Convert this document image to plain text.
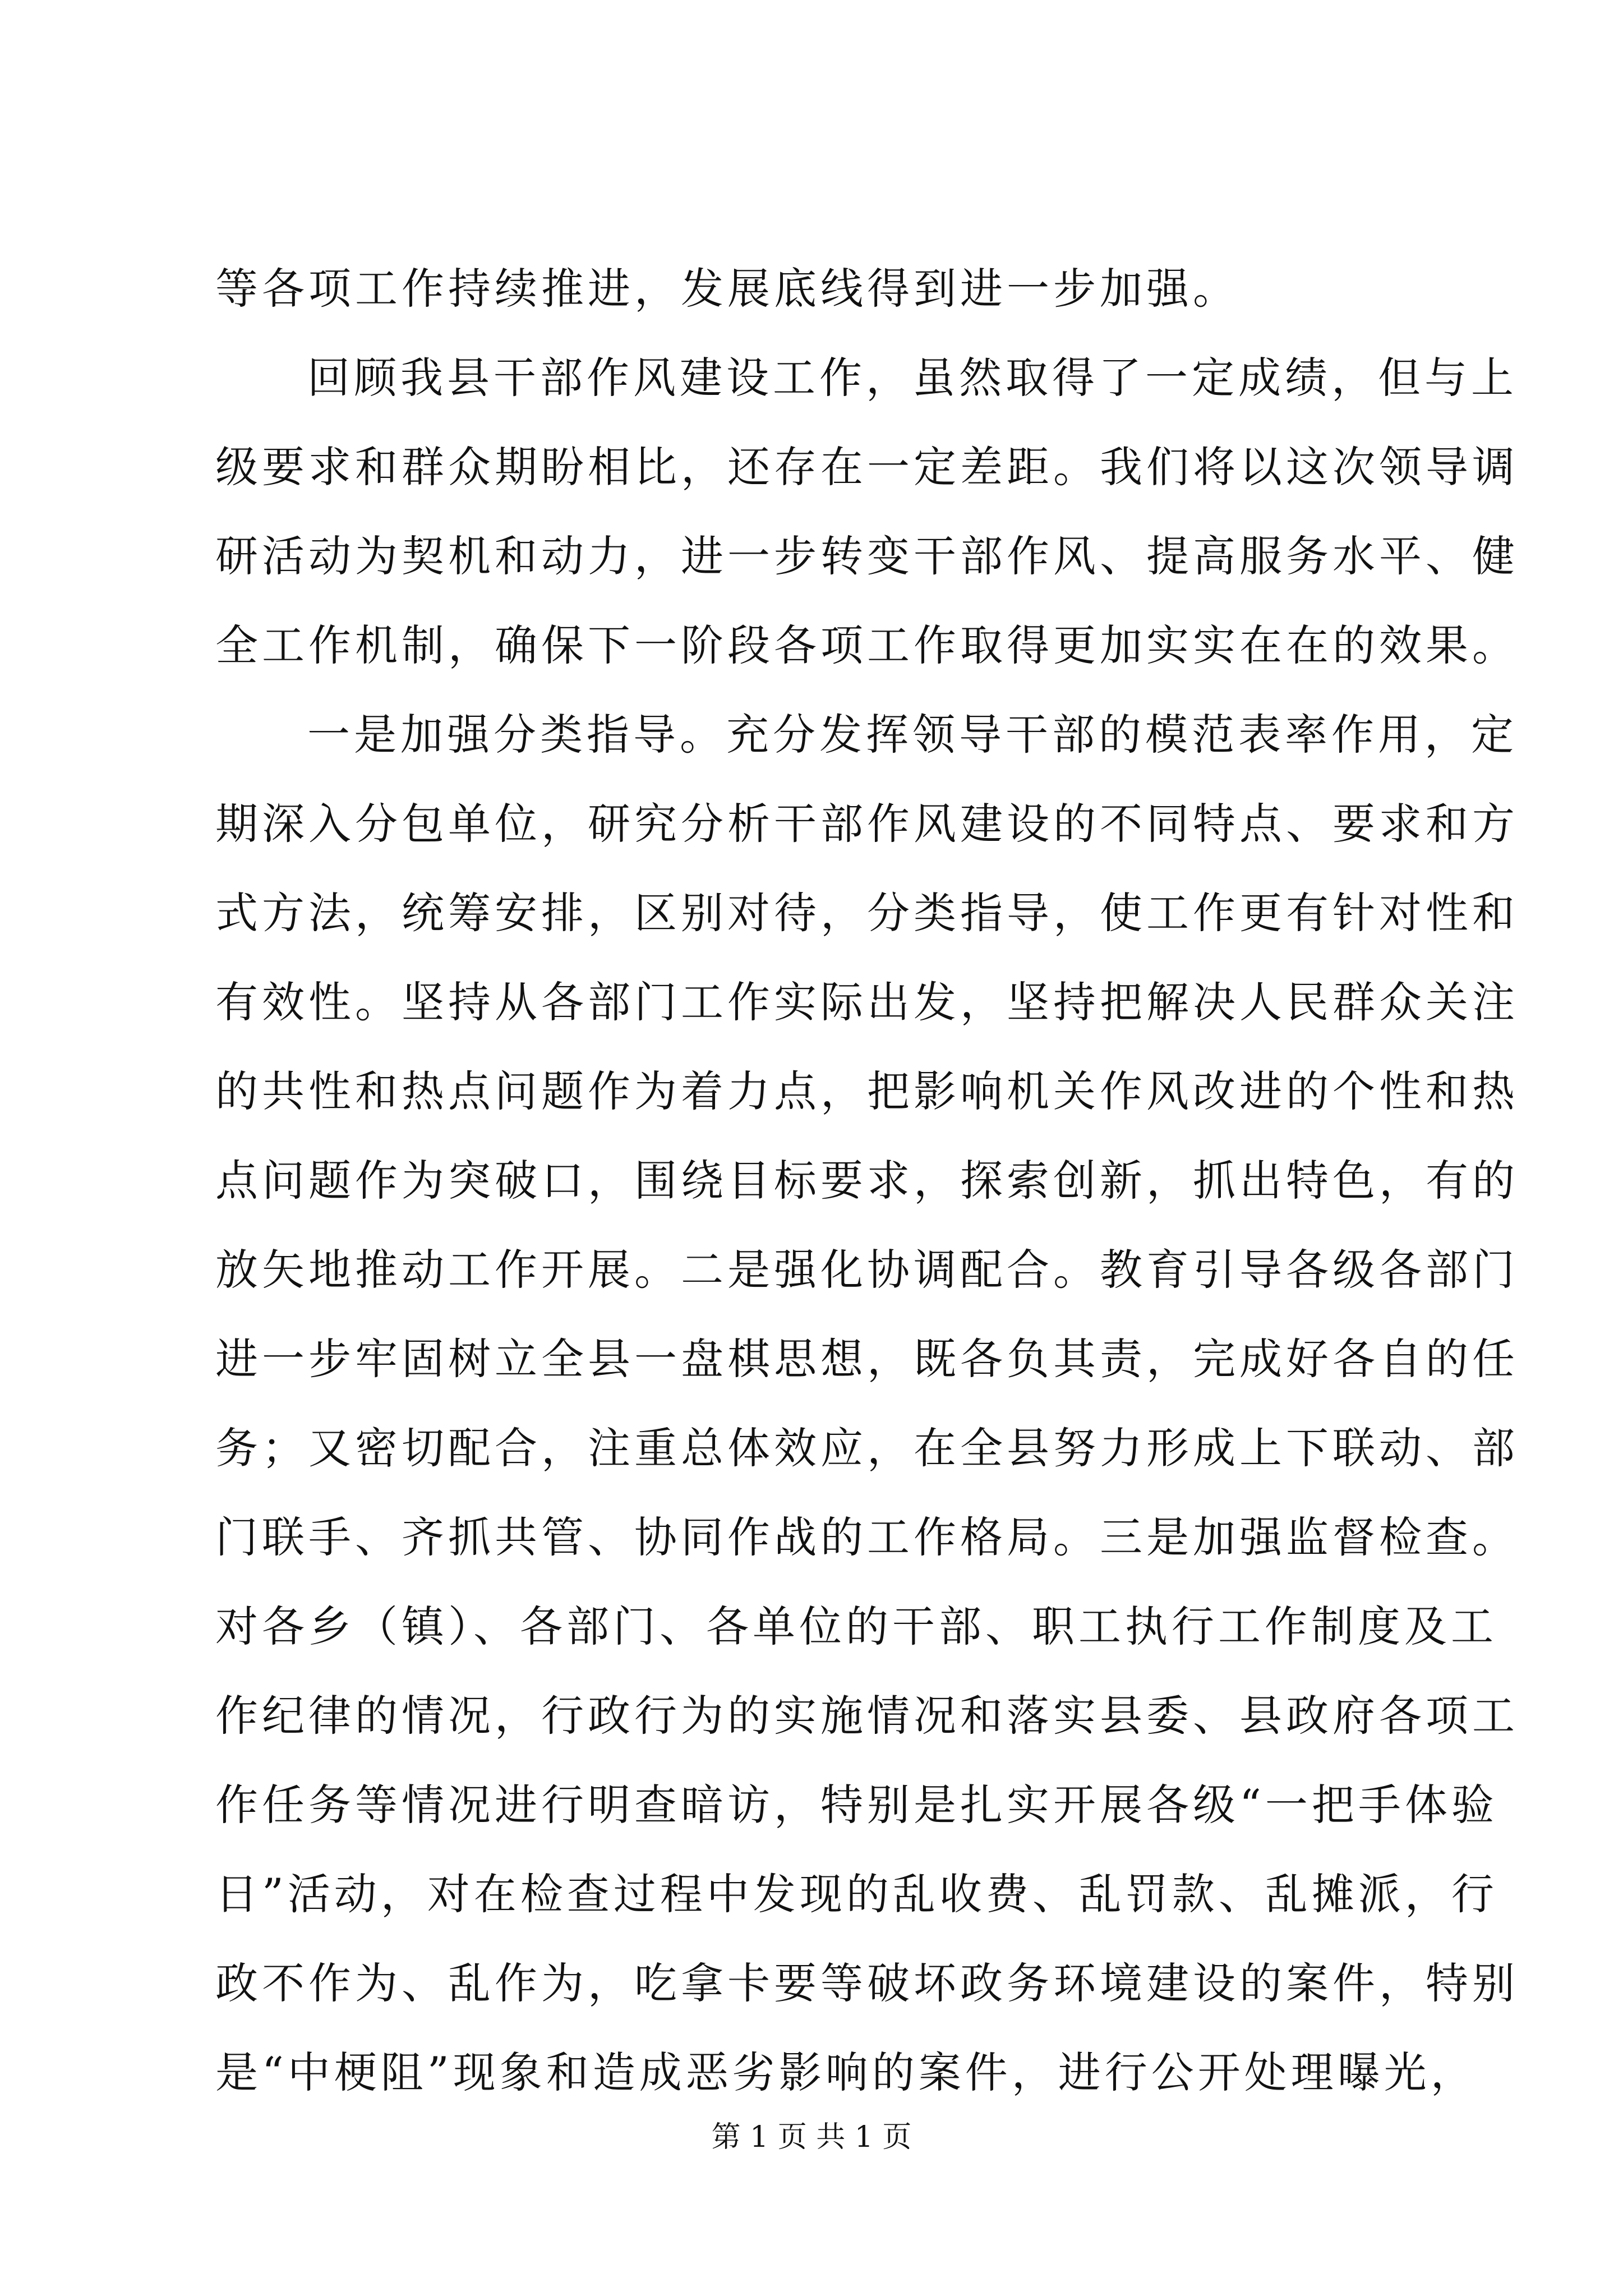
等各项工作持续推进，发展底线得到进一步加强。
回顾我县干部作风建设工作，虽然取得了一定成绩，但与上
级要求和群众期盼相比，还存在一定差距。我们将以这次领导调
研活动为契机和动力，进一步转变干部作风、提高服务水平、健
全工作机制，确保下一阶段各项工作取得更加实实在在的效果。
一是加强分类指导。充分发挥领导干部的模范表率作用，定
期深入分包单位，研究分析干部作风建设的不同特点、要求和方
式方法，统筹安排，区别对待，分类指导，使工作更有针对性和
有效性。坚持从各部门工作实际出发，坚持把解决人民群众关注
的共性和热点问题作为着力点，把影响机关作风改进的个性和热
点问题作为突破口，围绕目标要求，探索创新，抓出特色，有的
放矢地推动工作开展。二是强化协调配合。教育引导各级各部门
进一步牢固树立全县一盘棋思想，既各负其责，完成好各自的任
务；又密切配合，注重总体效应，在全县努力形成上下联动、部
门联手、齐抓共管、协同作战的工作格局。三是加强监督检查。
对各乡（镇）、各部门、各单位的干部、职工执行工作制度及工
作纪律的情况，行政行为的实施情况和落实县委、县政府各项工
作任务等情况进行明查暗访，特别是扎实开展各级“一把手体验
日”活动，对在检查过程中发现的乱收费、乱罚款、乱摊派，行
政不作为、乱作为，吃拿卡要等破坏政务环境建设的案件，特别
是“中梗阻”现象和造成恶劣影响的案件，进行公开处理曝光，
第 1 页 共 1 页
